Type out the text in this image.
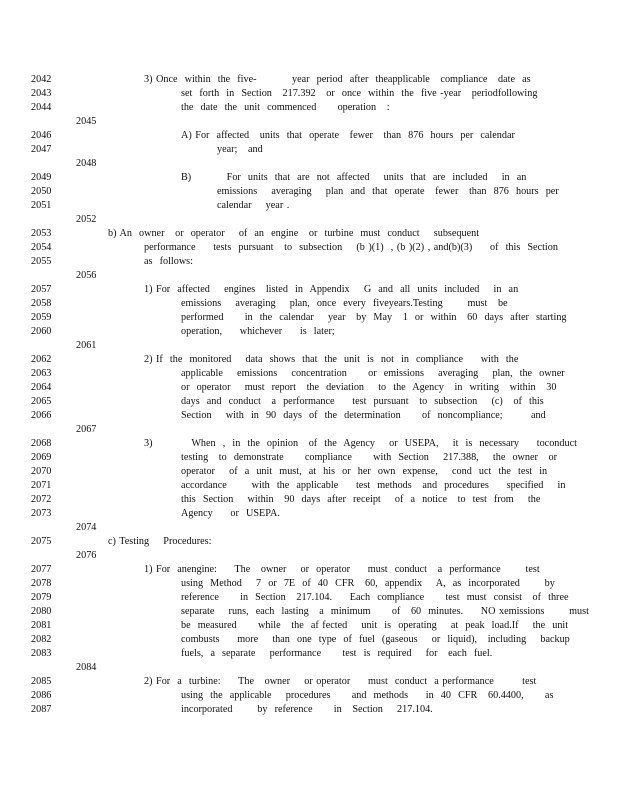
2042	3) Once  within  the  five-          year  period  after  theapplicable   compliance   date  as
2043	set  forth  in  Section   217.392   or  once  within  the  five -year   periodfollowing
2044	the  date  the  unit  commenced      operation   :
2045
2046	A) For  affected   units  that  operate   fewer   than  876  hours  per  calendar
2047	year;   and
2048
2049	B)          For  units  that  are  not  affected    units  that  are  included    in  an
2050	emissions    averaging    plan  and  that  operate   fewer   than  876  hours  per
2051	calendar    year .
2052
2053	b) An  owner   or  operator    of  an  engine   or  turbine  must  conduct    subsequent
2054	performance     tests  pursuant   to  subsection    (b )(1)  , (b )(2) , and(b)(3)     of  this  Section
2055	as  follows:
2056
2057	1) For  affected    engines   listed  in  Appendix    G  and  all  units  included    in  an
2058	emissions    averaging    plan,  once  every  fiveyears.Testing       must   be
2059	performed      in  the  calendar    year   by  May   1  or  within   60  days  after  starting
2060	operation,     whichever     is  later;
2061
2062	2) If  the  monitored    data  shows  that  the  unit  is  not  in  compliance     with  the
2063	applicable    emissions    concentration      or  emissions    averaging    plan,  the  owner
2064	or  operator    must  report   the  deviation    to  the  Agency   in  writing   within   30
2065	days  and  conduct   a  performance     test  pursuant   to  subsection    (c)   of  this
2066	Section    with  in  90  days  of  the  determination      of  noncompliance;        and
2067
2068	3)           When  ,  in  the  opinion   of  the  Agency    or  USEPA,    it  is  necessary     toconduct
2069	testing   to  demonstrate      compliance      with  Section    217.388,    the  owner   or
2070	operator    of  a  unit  must,  at  his  or  her  own  expense,    cond  uct  the  test  in
2071	accordance       with  the  applicable     test  methods   and  procedures     specified    in
2072	this  Section    within   90  days  after  receipt    of  a  notice   to  test  from    the
2073	Agency     or  USEPA.
2074
2075	c) Testing    Procedures:
2076
2077	1) For  anengine:     The   owner    or  operator     must  conduct   a  performance       test
2078	using  Method    7  or  7E  of  40  CFR   60,  appendix    A,  as  incorporated       by
2079	reference      in  Section   217.104.     Each  compliance      test  must  consist   of  three
2080	separate    runs,  each  lasting   a  minimum      of   60  minutes.     NO xemissions       must
2081	be  measured      while   the  af fected    unit  is  operating    at  peak  load.If    the  unit
2082	combusts     more    than  one  type  of  fuel  (gaseous    or  liquid),   including    backup
2083	fuels,  a  separate    performance      test  is  required    for   each  fuel.
2084
2085	2) For  a  turbine:     The   owner    or operator     must  conduct  a performance        test
2086	using  the  applicable    procedures      and  methods     in  40  CFR   60.4400,      as
2087	incorporated       by  reference      in   Section    217.104.
